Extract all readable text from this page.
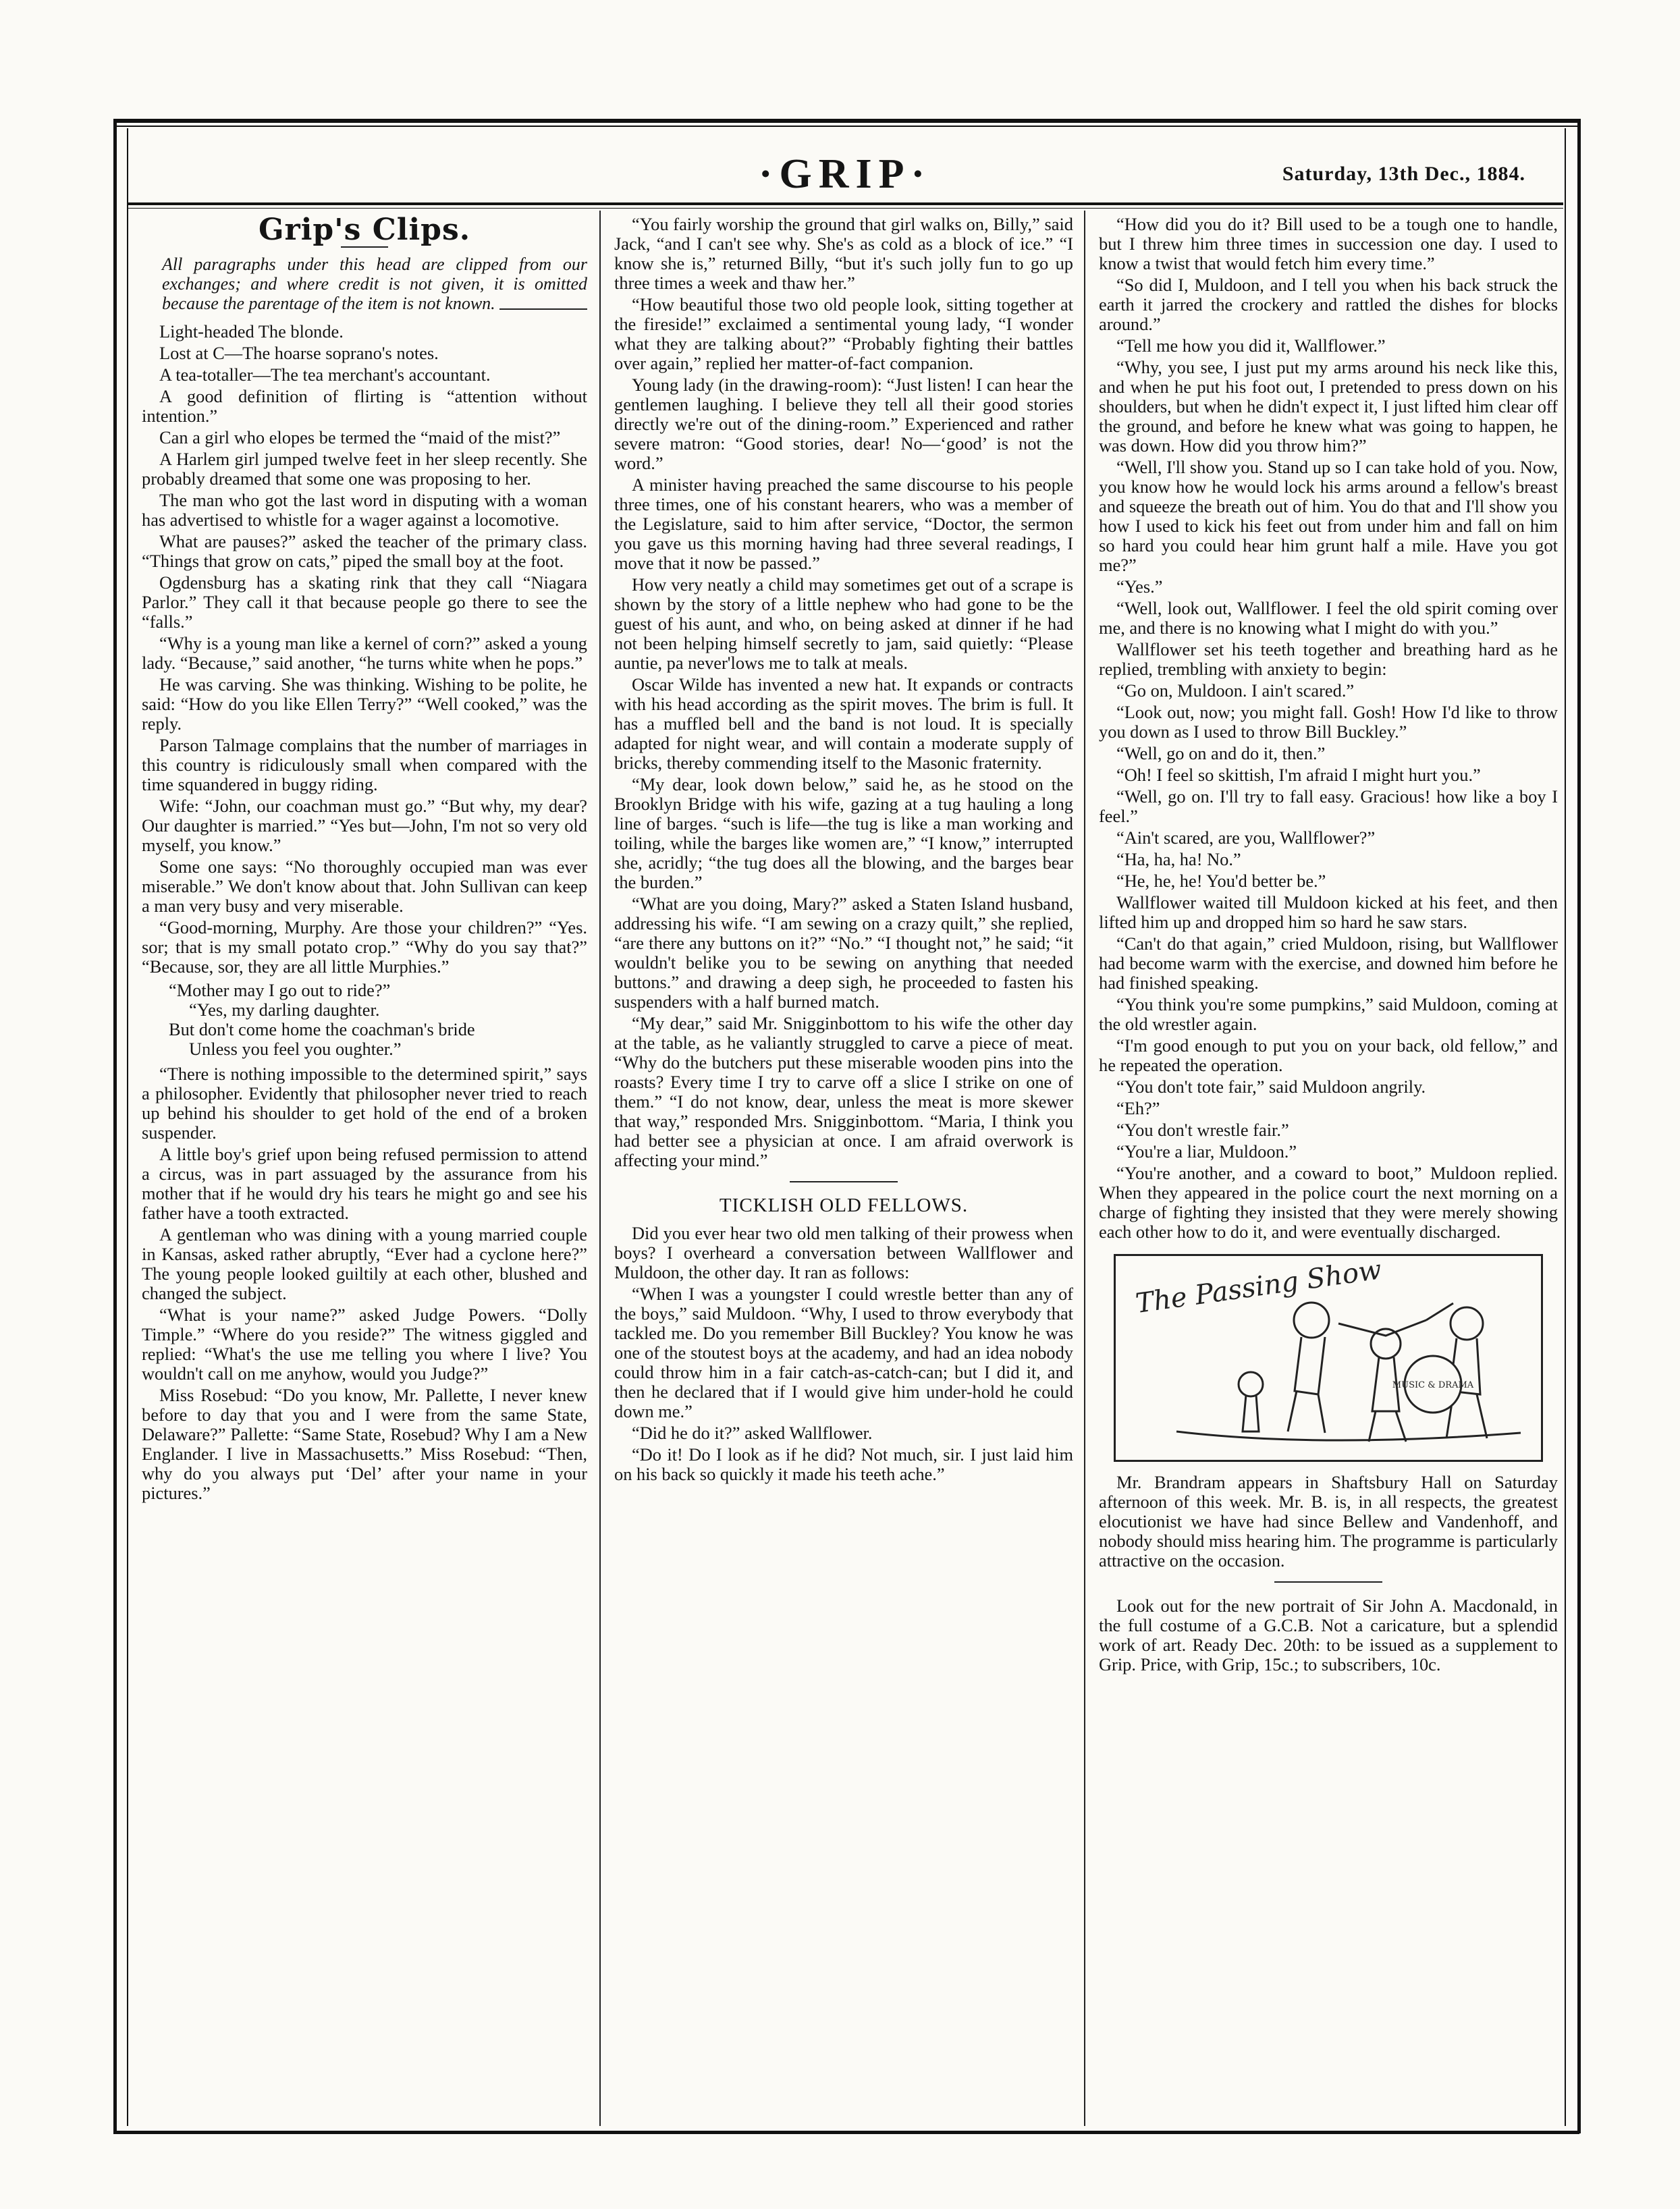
·GRIP·	Saturday, 13th Dec., 1884.
Grip's Clips.

All paragraphs under this head are clipped from our exchanges; and where credit is not given, it is omitted because the parentage of the item is not known.

Light-headed The blonde.

Lost at C—The hoarse soprano's notes.

A tea-totaller—The tea merchant's accountant.

A good definition of flirting is “attention without intention.”

Can a girl who elopes be termed the “maid of the mist?”

A Harlem girl jumped twelve feet in her sleep recently. She probably dreamed that some one was proposing to her.

The man who got the last word in disputing with a woman has advertised to whistle for a wager against a locomotive.

What are pauses?” asked the teacher of the primary class. “Things that grow on cats,” piped the small boy at the foot.

Ogdensburg has a skating rink that they call “Niagara Parlor.” They call it that because people go there to see the “falls.”

“Why is a young man like a kernel of corn?” asked a young lady. “Because,” said another, “he turns white when he pops.”

He was carving. She was thinking. Wishing to be polite, he said: “How do you like Ellen Terry?” “Well cooked,” was the reply.

Parson Talmage complains that the number of marriages in this country is ridiculously small when compared with the time squandered in buggy riding.

Wife: “John, our coachman must go.” “But why, my dear? Our daughter is married.” “Yes but—John, I'm not so very old myself, you know.”

Some one says: “No thoroughly occupied man was ever miserable.” We don't know about that. John Sullivan can keep a man very busy and very miserable.

“Good-morning, Murphy. Are those your children?” “Yes. sor; that is my small potato crop.” “Why do you say that?” “Because, sor, they are all little Murphies.”

“Mother may I go out to ride?”
“Yes, my darling daughter.
But don't come home the coachman's bride
Unless you feel you oughter.”

“There is nothing impossible to the determined spirit,” says a philosopher. Evidently that philosopher never tried to reach up behind his shoulder to get hold of the end of a broken suspender.

A little boy's grief upon being refused permission to attend a circus, was in part assuaged by the assurance from his mother that if he would dry his tears he might go and see his father have a tooth extracted.

A gentleman who was dining with a young married couple in Kansas, asked rather abruptly, “Ever had a cyclone here?” The young people looked guiltily at each other, blushed and changed the subject.

“What is your name?” asked Judge Powers. “Dolly Timple.” “Where do you reside?” The witness giggled and replied: “What's the use me telling you where I live? You wouldn't call on me anyhow, would you Judge?”

Miss Rosebud: “Do you know, Mr. Pallette, I never knew before to day that you and I were from the same State, Delaware?” Pallette: “Same State, Rosebud? Why I am a New Englander. I live in Massachusetts.” Miss Rosebud: “Then, why do you always put ‘Del’ after your name in your pictures.”

“You fairly worship the ground that girl walks on, Billy,” said Jack, “and I can't see why. She's as cold as a block of ice.” “I know she is,” returned Billy, “but it's such jolly fun to go up three times a week and thaw her.”

“How beautiful those two old people look, sitting together at the fireside!” exclaimed a sentimental young lady, “I wonder what they are talking about?” “Probably fighting their battles over again,” replied her matter-of-fact companion.

Young lady (in the drawing-room): “Just listen! I can hear the gentlemen laughing. I believe they tell all their good stories directly we're out of the dining-room.” Experienced and rather severe matron: “Good stories, dear! No—‘good’ is not the word.”

A minister having preached the same discourse to his people three times, one of his constant hearers, who was a member of the Legislature, said to him after service, “Doctor, the sermon you gave us this morning having had three several readings, I move that it now be passed.”

How very neatly a child may sometimes get out of a scrape is shown by the story of a little nephew who had gone to be the guest of his aunt, and who, on being asked at dinner if he had not been helping himself secretly to jam, said quietly: “Please auntie, pa never'lows me to talk at meals.

Oscar Wilde has invented a new hat. It expands or contracts with his head according as the spirit moves. The brim is full. It has a muffled bell and the band is not loud. It is specially adapted for night wear, and will contain a moderate supply of bricks, thereby commending itself to the Masonic fraternity.

“My dear, look down below,” said he, as he stood on the Brooklyn Bridge with his wife, gazing at a tug hauling a long line of barges. “such is life—the tug is like a man working and toiling, while the barges like women are,” “I know,” interrupted she, acridly; “the tug does all the blowing, and the barges bear the burden.”

“What are you doing, Mary?” asked a Staten Island husband, addressing his wife. “I am sewing on a crazy quilt,” she replied, “are there any buttons on it?” “No.” “I thought not,” he said; “it wouldn't belike you to be sewing on anything that needed buttons.” and drawing a deep sigh, he proceeded to fasten his suspenders with a half burned match.

“My dear,” said Mr. Snigginbottom to his wife the other day at the table, as he valiantly struggled to carve a piece of meat. “Why do the butchers put these miserable wooden pins into the roasts? Every time I try to carve off a slice I strike on one of them.” “I do not know, dear, unless the meat is more skewer that way,” responded Mrs. Snigginbottom. “Maria, I think you had better see a physician at once. I am afraid overwork is affecting your mind.”

TICKLISH OLD FELLOWS.

Did you ever hear two old men talking of their prowess when boys? I overheard a conversation between Wallflower and Muldoon, the other day. It ran as follows:

“When I was a youngster I could wrestle better than any of the boys,” said Muldoon. “Why, I used to throw everybody that tackled me. Do you remember Bill Buckley? You know he was one of the stoutest boys at the academy, and had an idea nobody could throw him in a fair catch-as-catch-can; but I did it, and then he declared that if I would give him under-hold he could down me.”

“Did he do it?” asked Wallflower.

“Do it! Do I look as if he did? Not much, sir. I just laid him on his back so quickly it made his teeth ache.”

“How did you do it? Bill used to be a tough one to handle, but I threw him three times in succession one day. I used to know a twist that would fetch him every time.”

“So did I, Muldoon, and I tell you when his back struck the earth it jarred the crockery and rattled the dishes for blocks around.”

“Tell me how you did it, Wallflower.”

“Why, you see, I just put my arms around his neck like this, and when he put his foot out, I pretended to press down on his shoulders, but when he didn't expect it, I just lifted him clear off the ground, and before he knew what was going to happen, he was down. How did you throw him?”

“Well, I'll show you. Stand up so I can take hold of you. Now, you know how he would lock his arms around a fellow's breast and squeeze the breath out of him. You do that and I'll show you how I used to kick his feet out from under him and fall on him so hard you could hear him grunt half a mile. Have you got me?”

“Yes.”

“Well, look out, Wallflower. I feel the old spirit coming over me, and there is no knowing what I might do with you.”

Wallflower set his teeth together and breathing hard as he replied, trembling with anxiety to begin:

“Go on, Muldoon. I ain't scared.”

“Look out, now; you might fall. Gosh! How I'd like to throw you down as I used to throw Bill Buckley.”

“Well, go on and do it, then.”

“Oh! I feel so skittish, I'm afraid I might hurt you.”

“Well, go on. I'll try to fall easy. Gracious! how like a boy I feel.”

“Ain't scared, are you, Wallflower?”

“Ha, ha, ha! No.”

“He, he, he! You'd better be.”

Wallflower waited till Muldoon kicked at his feet, and then lifted him up and dropped him so hard he saw stars.

“Can't do that again,” cried Muldoon, rising, but Wallflower had become warm with the exercise, and downed him before he had finished speaking.

“You think you're some pumpkins,” said Muldoon, coming at the old wrestler again.

“I'm good enough to put you on your back, old fellow,” and he repeated the operation.

“You don't tote fair,” said Muldoon angrily.

“Eh?”

“You don't wrestle fair.”

“You're a liar, Muldoon.”

“You're another, and a coward to boot,” Muldoon replied. When they appeared in the police court the next morning on a charge of fighting they insisted that they were merely showing each other how to do it, and were eventually discharged.

The Passing Show
MUSIC & DRAMA

Mr. Brandram appears in Shaftsbury Hall on Saturday afternoon of this week. Mr. B. is, in all respects, the greatest elocutionist we have had since Bellew and Vandenhoff, and nobody should miss hearing him. The programme is particularly attractive on the occasion.

Look out for the new portrait of Sir John A. Macdonald, in the full costume of a G.C.B. Not a caricature, but a splendid work of art. Ready Dec. 20th: to be issued as a supplement to Grip. Price, with Grip, 15c.; to subscribers, 10c.
